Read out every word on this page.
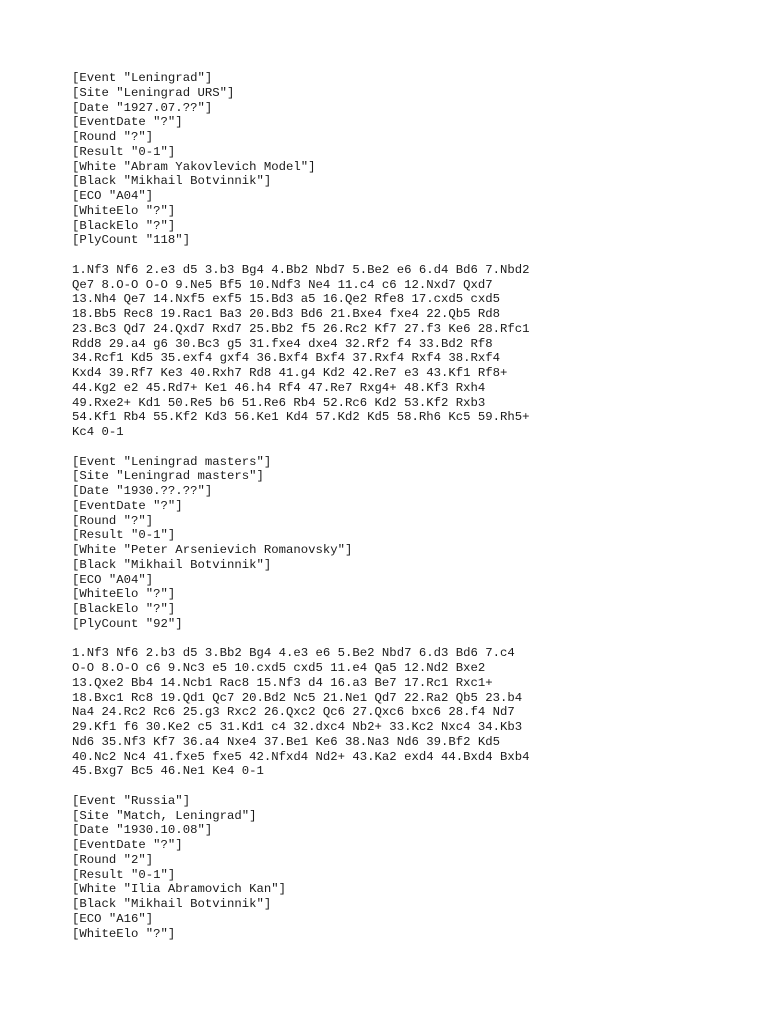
[Event "Leningrad"]
[Site "Leningrad URS"]
[Date "1927.07.??"]
[EventDate "?"]
[Round "?"]
[Result "0-1"]
[White "Abram Yakovlevich Model"]
[Black "Mikhail Botvinnik"]
[ECO "A04"]
[WhiteElo "?"]
[BlackElo "?"]
[PlyCount "118"]
1.Nf3 Nf6 2.e3 d5 3.b3 Bg4 4.Bb2 Nbd7 5.Be2 e6 6.d4 Bd6 7.Nbd2
Qe7 8.O-O O-O 9.Ne5 Bf5 10.Ndf3 Ne4 11.c4 c6 12.Nxd7 Qxd7
13.Nh4 Qe7 14.Nxf5 exf5 15.Bd3 a5 16.Qe2 Rfe8 17.cxd5 cxd5
18.Bb5 Rec8 19.Rac1 Ba3 20.Bd3 Bd6 21.Bxe4 fxe4 22.Qb5 Rd8
23.Bc3 Qd7 24.Qxd7 Rxd7 25.Bb2 f5 26.Rc2 Kf7 27.f3 Ke6 28.Rfc1
Rdd8 29.a4 g6 30.Bc3 g5 31.fxe4 dxe4 32.Rf2 f4 33.Bd2 Rf8
34.Rcf1 Kd5 35.exf4 gxf4 36.Bxf4 Bxf4 37.Rxf4 Rxf4 38.Rxf4
Kxd4 39.Rf7 Ke3 40.Rxh7 Rd8 41.g4 Kd2 42.Re7 e3 43.Kf1 Rf8+
44.Kg2 e2 45.Rd7+ Ke1 46.h4 Rf4 47.Re7 Rxg4+ 48.Kf3 Rxh4
49.Rxe2+ Kd1 50.Re5 b6 51.Re6 Rb4 52.Rc6 Kd2 53.Kf2 Rxb3
54.Kf1 Rb4 55.Kf2 Kd3 56.Ke1 Kd4 57.Kd2 Kd5 58.Rh6 Kc5 59.Rh5+
Kc4 0-1
[Event "Leningrad masters"]
[Site "Leningrad masters"]
[Date "1930.??.??"]
[EventDate "?"]
[Round "?"]
[Result "0-1"]
[White "Peter Arsenievich Romanovsky"]
[Black "Mikhail Botvinnik"]
[ECO "A04"]
[WhiteElo "?"]
[BlackElo "?"]
[PlyCount "92"]
1.Nf3 Nf6 2.b3 d5 3.Bb2 Bg4 4.e3 e6 5.Be2 Nbd7 6.d3 Bd6 7.c4
O-O 8.O-O c6 9.Nc3 e5 10.cxd5 cxd5 11.e4 Qa5 12.Nd2 Bxe2
13.Qxe2 Bb4 14.Ncb1 Rac8 15.Nf3 d4 16.a3 Be7 17.Rc1 Rxc1+
18.Bxc1 Rc8 19.Qd1 Qc7 20.Bd2 Nc5 21.Ne1 Qd7 22.Ra2 Qb5 23.b4
Na4 24.Rc2 Rc6 25.g3 Rxc2 26.Qxc2 Qc6 27.Qxc6 bxc6 28.f4 Nd7
29.Kf1 f6 30.Ke2 c5 31.Kd1 c4 32.dxc4 Nb2+ 33.Kc2 Nxc4 34.Kb3
Nd6 35.Nf3 Kf7 36.a4 Nxe4 37.Be1 Ke6 38.Na3 Nd6 39.Bf2 Kd5
40.Nc2 Nc4 41.fxe5 fxe5 42.Nfxd4 Nd2+ 43.Ka2 exd4 44.Bxd4 Bxb4
45.Bxg7 Bc5 46.Ne1 Ke4 0-1
[Event "Russia"]
[Site "Match, Leningrad"]
[Date "1930.10.08"]
[EventDate "?"]
[Round "2"]
[Result "0-1"]
[White "Ilia Abramovich Kan"]
[Black "Mikhail Botvinnik"]
[ECO "A16"]
[WhiteElo "?"]
